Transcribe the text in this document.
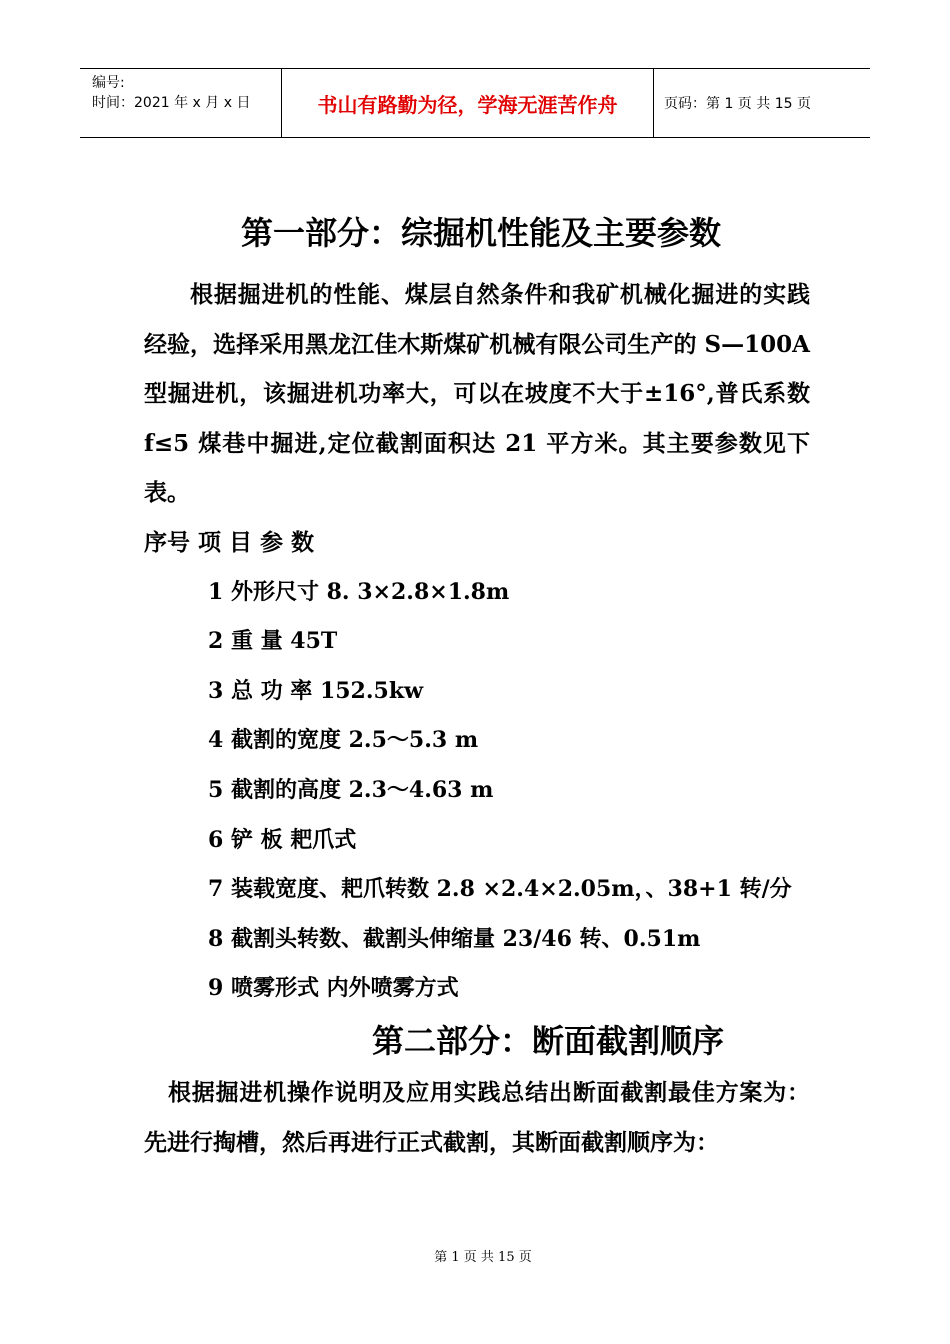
编号:
时间：2021 年 x 月 x 日	书山有路勤为径，学海无涯苦作舟	页码：第 1 页 共 15 页
第一部分：综掘机性能及主要参数

根据掘进机的性能、煤层自然条件和我矿机械化掘进的实践经验，选择采用黑龙江佳木斯煤矿机械有限公司生产的 S—100A 型掘进机，该掘进机功率大，可以在坡度不大于±16°,普氏系数 f≤5 煤巷中掘进,定位截割面积达 21 平方米。其主要参数见下表。

序号 项 目 参 数

1 外形尺寸 8. 3×2.8×1.8m

2 重 量 45T

3 总 功 率 152.5kw

4 截割的宽度 2.5～5.3 m

5 截割的高度 2.3～4.63 m

6 铲 板 耙爪式

7 装载宽度、耙爪转数 2.8 ×2.4×2.05m，、38+1 转/分

8 截割头转数、截割头伸缩量 23/46 转、0.51m

9 喷雾形式 内外喷雾方式

第二部分：断面截割顺序

根据掘进机操作说明及应用实践总结出断面截割最佳方案为：先进行掏槽，然后再进行正式截割，其断面截割顺序为：

第 1 页 共 15 页
